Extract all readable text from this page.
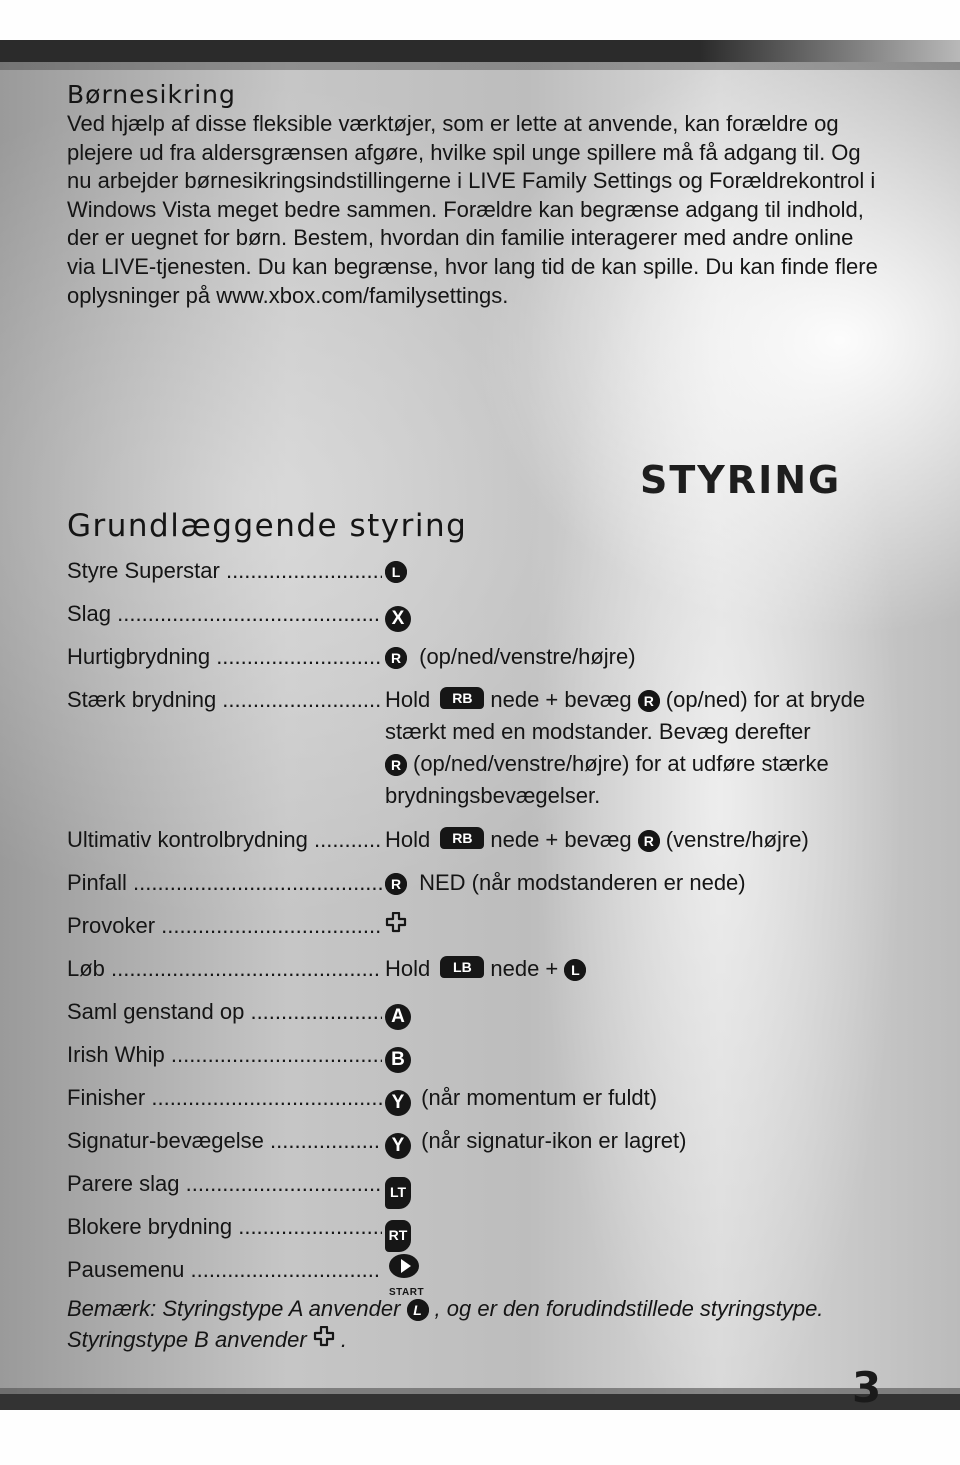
Børnesikring

Ved hjælp af disse fleksible værktøjer, som er lette at anvende, kan forældre og plejere ud fra aldersgrænsen afgøre, hvilke spil unge spillere må få adgang til. Og nu arbejder børnesikringsindstillingerne i LIVE Family Settings og Forældrekontrol i Windows Vista meget bedre sammen. Forældre kan begrænse adgang til indhold, der er uegnet for børn. Bestem, hvordan din familie interagerer med andre online via LIVE-tjenesten. Du kan begrænse, hvor lang tid de kan spille. Du kan finde flere oplysninger på www.xbox.com/familysettings.

STYRING
Grundlæggende styring
Styre Superstar .....	L
Slag .....	X
Hurtigbrydning .....	R (op/ned/venstre/højre)
Stærk brydning .....	Hold RB nede + bevæg R (op/ned) for at bryde stærkt med en modstander. Bevæg derefter
R (op/ned/venstre/højre) for at udføre stærke brydningsbevægelser.
Ultimativ kontrolbrydning .....	Hold RB nede + bevæg R (venstre/højre)
Pinfall .....	R NED (når modstanderen er nede)
Provoker .....
Løb .....	Hold LB nede + L
Saml genstand op .....	A
Irish Whip .....	B
Finisher .....	Y (når momentum er fuldt)
Signatur-bevægelse .....	Y (når signatur-ikon er lagret)
Parere slag .....	LT
Blokere brydning .....	RT
Pausemenu .....
START

Bemærk: Styringstype A anvender L , og er den forudindstillede styringstype.
Styringstype B anvender .

3
